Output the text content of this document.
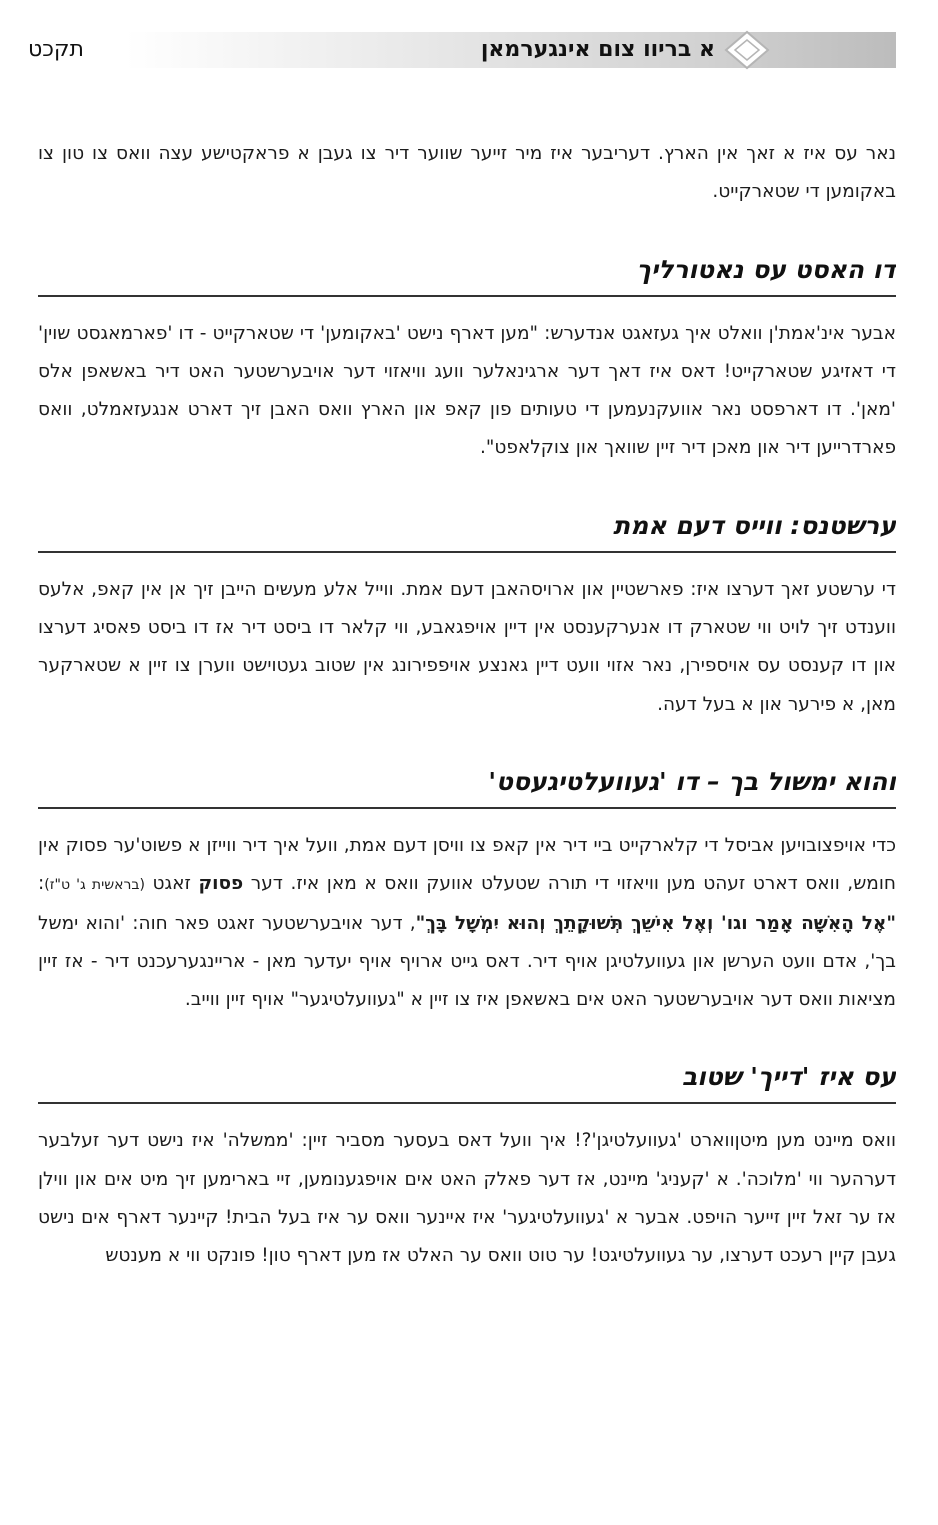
א בריוו צום אינגערמאן
תקכט

נאר עס איז א זאך אין הארץ. דעריבער איז מיר זייער שווער דיר צו געבן א פראקטישע עצה וואס צו טון צו באקומען די שטארקייט.

דו האסט עס נאטורליך

אבער אינ'אמת'ן וואלט איך געזאגט אנדערש: "מען דארף נישט 'באקומען' די שטארקייט - דו 'פארמאגסט שוין' די דאזיגע שטארקייט! דאס איז דאך דער ארגינאלער וועג וויאזוי דער אויבערשטער האט דיר באשאפן אלס 'מאן'. דו דארפסט נאר אוועקנעמען די טעותים פון קאפ און הארץ וואס האבן זיך דארט אנגעזאמלט, וואס פארדרייען דיר און מאכן דיר זיין שוואך און צוקלאפט".

ערשטנס: ווייס דעם אמת

די ערשטע זאך דערצו איז: פארשטיין און ארויסהאבן דעם אמת. ווייל אלע מעשים הייבן זיך אן אין קאפ, אלעס ווענדט זיך לויט ווי שטארק דו אנערקענסט אין דיין אויפגאבע, ווי קלאר דו ביסט דיר אז דו ביסט פאסיג דערצו און דו קענסט עס אויספירן, נאר אזוי וועט דיין גאנצע אויפפירונג אין שטוב געטוישט ווערן צו זיין א שטארקער מאן, א פירער און א בעל דעה.

והוא ימשול בך – דו 'געוועלטיגעסט'

כדי אויפצובויען אביסל די קלארקייט ביי דיר אין קאפ צו וויסן דעם אמת, וועל איך דיר ווייזן א פשוט'ער פסוק אין חומש, וואס דארט זעהט מען וויאזוי די תורה שטעלט אוועק וואס א מאן איז. דער פסוק זאגט (בראשית ג' ט"ז): "אֶל הָאִשָּׁה אָמַר וגו' וְאֶל אִישֵׁךְ תְּשׁוּקָתֵךְ וְהוּא יִמְשָׁל בָּךְ", דער אויבערשטער זאגט פאר חוה: 'והוא ימשל בך', אדם וועט הערשן און געוועלטיגן אויף דיר. דאס גייט ארויף אויף יעדער מאן - אריינגערעכנט דיר - אז זיין מציאות וואס דער אויבערשטער האט אים באשאפן איז צו זיין א "געוועלטיגער" אויף זיין ווייב.

עס איז 'דייך' שטוב

וואס מיינט מען מיטןווארט 'געוועלטיגן'?! איך וועל דאס בעסער מסביר זיין: 'ממשלה' איז נישט דער זעלבער דערהער ווי 'מלוכה'. א 'קעניג' מיינט, אז דער פאלק האט אים אויפגענומען, זיי בארימען זיך מיט אים און ווילן אז ער זאל זיין זייער הויפט. אבער א 'געוועלטיגער' איז איינער וואס ער איז בעל הבית! קיינער דארף אים נישט געבן קיין רעכט דערצו, ער געוועלטיגט! ער טוט וואס ער האלט אז מען דארף טון! פונקט ווי א מענטש
